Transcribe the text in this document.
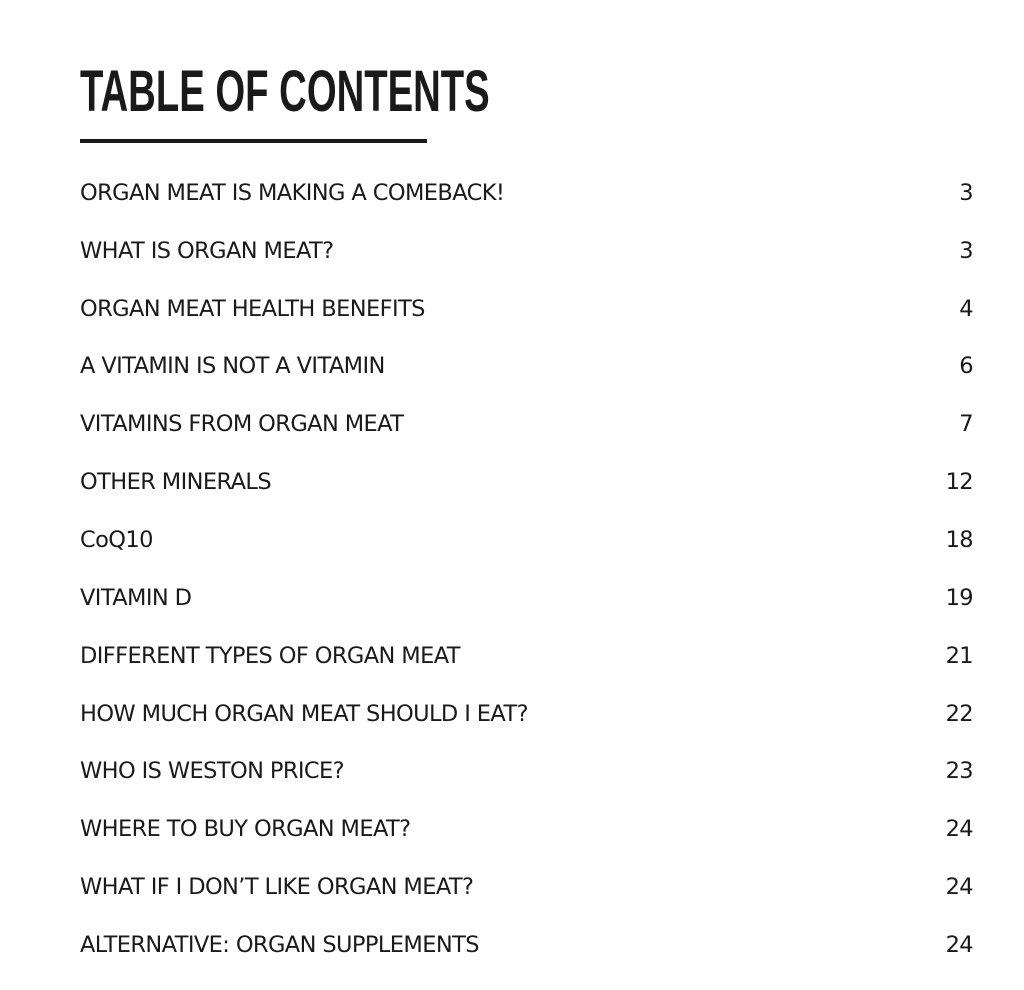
TABLE OF CONTENTS
ORGAN MEAT IS MAKING A COMEBACK!	3
WHAT IS ORGAN MEAT?	3
ORGAN MEAT HEALTH BENEFITS	4
A VITAMIN IS NOT A VITAMIN	6
VITAMINS FROM ORGAN MEAT	7
OTHER MINERALS	12
CoQ10	18
VITAMIN D	19
DIFFERENT TYPES OF ORGAN MEAT	21
HOW MUCH ORGAN MEAT SHOULD I EAT?	22
WHO IS WESTON PRICE?	23
WHERE TO BUY ORGAN MEAT?	24
WHAT IF I DON’T LIKE ORGAN MEAT?	24
ALTERNATIVE: ORGAN SUPPLEMENTS	24
